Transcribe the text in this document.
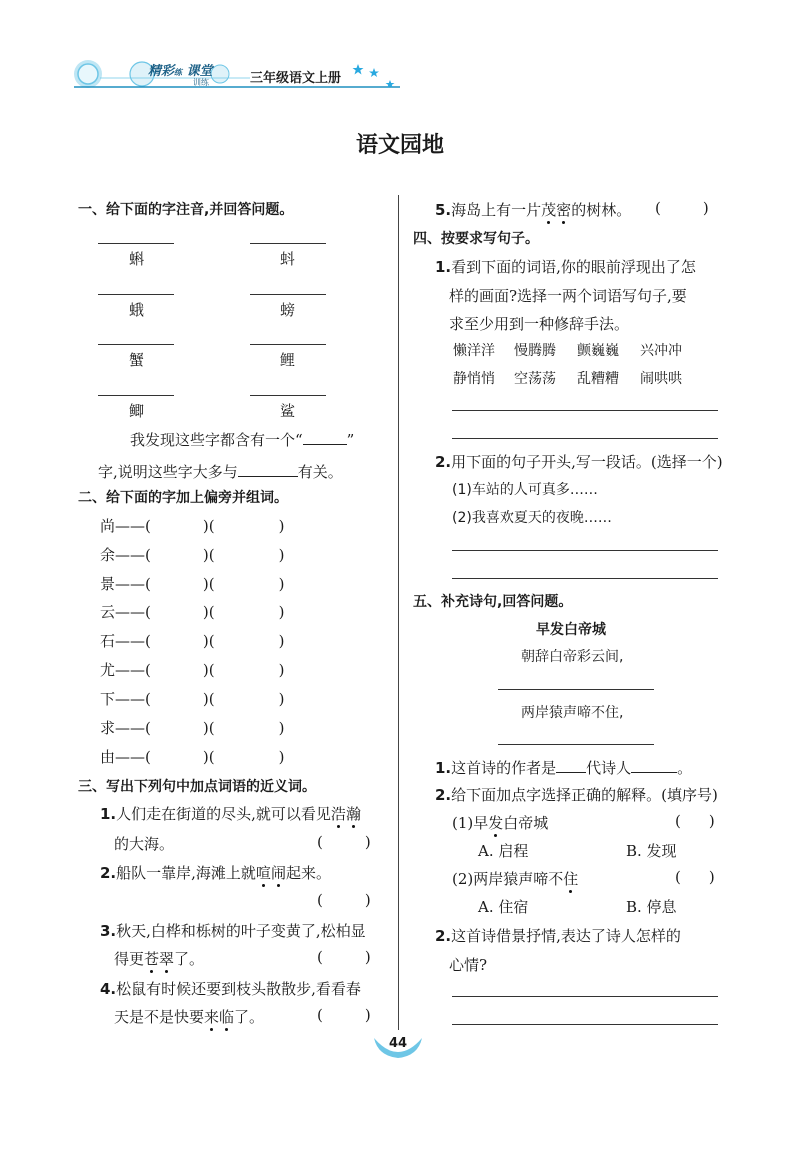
精彩练 课堂
训练	三年级语文上册
语文园地
一、给下面的字注音,并回答问题。
蝌	蚪
蛾	螃
蟹	鲤
鲫	鲨
我发现这些字都含有一个“	”
字,说明这些字大多与	有关。
二、给下面的字加上偏旁并组词。
尚——(	)(	)
余——(	)(	)
景——(	)(	)
云——(	)(	)
石——(	)(	)
尤——(	)(	)
下——(	)(	)
求——(	)(	)
由——(	)(	)
三、写出下列句中加点词语的近义词。
1.人们走在街道的尽头,就可以看见浩瀚
的大海。	(	)
2.船队一靠岸,海滩上就喧闹起来。
(	)
3.秋天,白桦和栎树的叶子变黄了,松柏显
得更苍翠了。	(	)
4.松鼠有时候还要到枝头散散步,看看春
天是不是快要来临了。	(	)
5.海岛上有一片茂密的树林。 (	)
四、按要求写句子。
1.看到下面的词语,你的眼前浮现出了怎
样的画面?选择一两个词语写句子,要
求至少用到一种修辞手法。
懒洋洋 慢腾腾 颤巍巍 兴冲冲
静悄悄 空荡荡 乱糟糟 闹哄哄
2.用下面的句子开头,写一段话。(选择一个)
(1)车站的人可真多……
(2)我喜欢夏天的夜晚……
五、补充诗句,回答问题。
早发白帝城
朝辞白帝彩云间,
两岸猿声啼不住,
1.这首诗的作者是 代诗人	。
2.给下面加点字选择正确的解释。(填序号)
(1)早发白帝城	( )
A. 启程	B. 发现
(2)两岸猿声啼不住	( )
A. 住宿	B. 停息
2.这首诗借景抒情,表达了诗人怎样的
心情?
44
